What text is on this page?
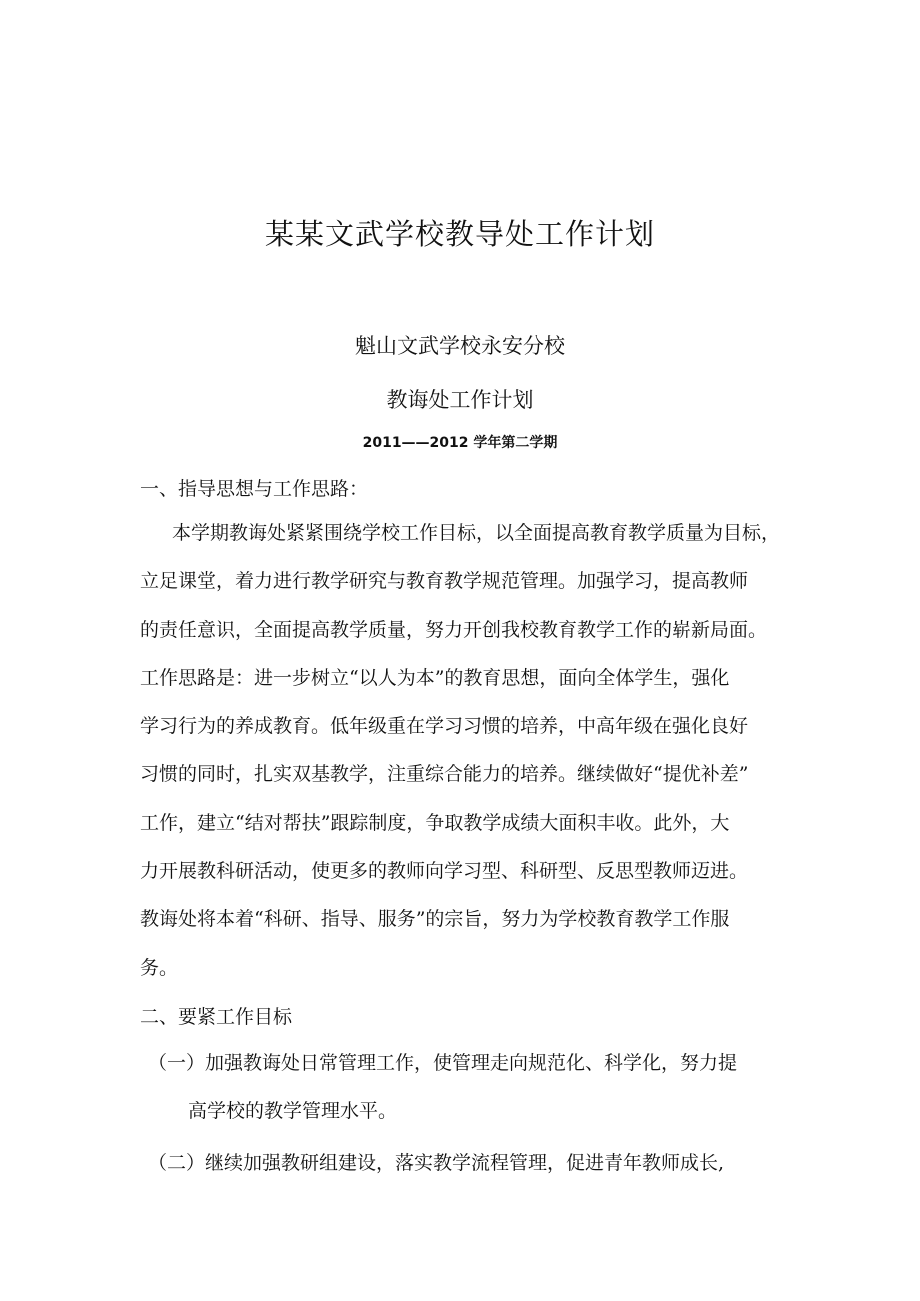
某某文武学校教导处工作计划
魁山文武学校永安分校
教诲处工作计划
2011——2012 学年第二学期
一、指导思想与工作思路：
本学期教诲处紧紧围绕学校工作目标，以全面提高教育教学质量为目标，
立足课堂，着力进行教学研究与教育教学规范管理。加强学习，提高教师
的责任意识，全面提高教学质量，努力开创我校教育教学工作的崭新局面。
工作思路是：进一步树立“以人为本”的教育思想，面向全体学生，强化
学习行为的养成教育。低年级重在学习习惯的培养，中高年级在强化良好
习惯的同时，扎实双基教学，注重综合能力的培养。继续做好“提优补差”
工作，建立“结对帮扶”跟踪制度，争取教学成绩大面积丰收。此外，大
力开展教科研活动，使更多的教师向学习型、科研型、反思型教师迈进。
教诲处将本着“科研、指导、服务”的宗旨，努力为学校教育教学工作服
务。
二、要紧工作目标
（一）加强教诲处日常管理工作，使管理走向规范化、科学化，努力提
高学校的教学管理水平。
（二）继续加强教研组建设，落实教学流程管理，促进青年教师成长,
